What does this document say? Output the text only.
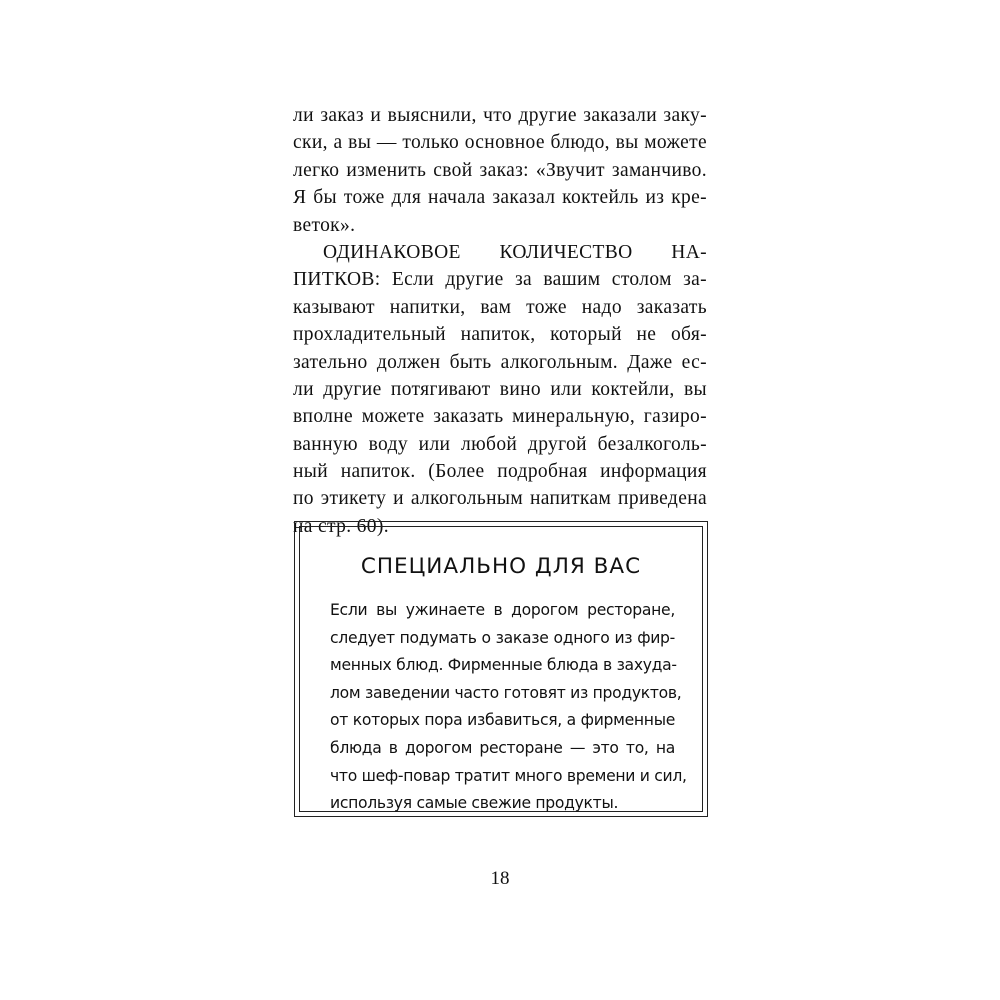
ли заказ и выяснили, что другие заказали заку-
ски, а вы — только основное блюдо, вы можете
легко изменить свой заказ: «Звучит заманчиво.
Я бы тоже для начала заказал коктейль из кре-
веток».
ОДИНАКОВОЕ КОЛИЧЕСТВО НА-
ПИТКОВ: Если другие за вашим столом за-
казывают напитки, вам тоже надо заказать
прохладительный напиток, который не обя-
зательно должен быть алкогольным. Даже ес-
ли другие потягивают вино или коктейли, вы
вполне можете заказать минеральную, газиро-
ванную воду или любой другой безалкоголь-
ный напиток. (Более подробная информация
по этикету и алкогольным напиткам приведена
на стр. 60).
СПЕЦИАЛЬНО ДЛЯ ВАС
Если вы ужинаете в дорогом ресторане,
следует подумать о заказе одного из фир-
менных блюд. Фирменные блюда в захуда-
лом заведении часто готовят из продуктов,
от которых пора избавиться, а фирменные
блюда в дорогом ресторане — это то, на
что шеф-повар тратит много времени и сил,
используя самые свежие продукты.
18
